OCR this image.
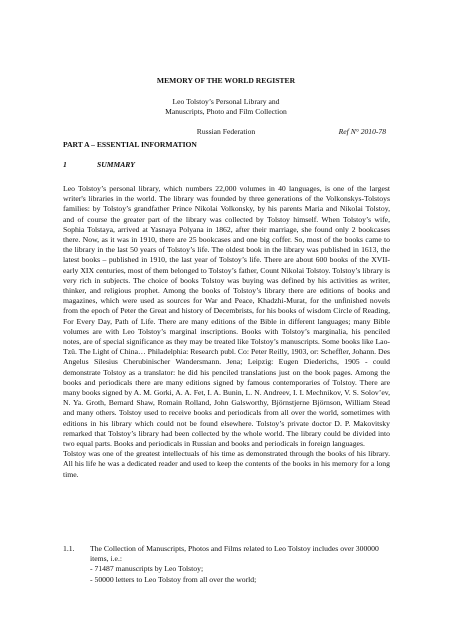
MEMORY OF THE WORLD REGISTER
Leo Tolstoy’s Personal Library and
Manuscripts, Photo and Film Collection
Russian Federation	Ref N° 2010-78
PART A – ESSENTIAL INFORMATION
1	SUMMARY

Leo Tolstoy’s personal library, which numbers 22,000 volumes in 40 languages, is one of the largest writer's libraries in the world. The library was founded by three generations of the Volkonskys-Tolstoys families: by Tolstoy’s grandfather Prince Nikolai Volkonsky, by his parents Maria and Nikolai Tolstoy, and of course the greater part of the library was collected by Tolstoy himself. When Tolstoy’s wife, Sophia Tolstaya, arrived at Yasnaya Polyana in 1862, after their marriage, she found only 2 bookcases there. Now, as it was in 1910, there are 25 bookcases and one big coffer. So, most of the books came to the library in the last 50 years of Tolstoy’s life. The oldest book in the library was published in 1613, the latest books – published in 1910, the last year of Tolstoy’s life. There are about 600 books of the XVII-early XIX centuries, most of them belonged to Tolstoy’s father, Count Nikolai Tolstoy. Tolstoy’s library is very rich in subjects. The choice of books Tolstoy was buying was defined by his activities as writer, thinker, and religious prophet. Among the books of Tolstoy’s library there are editions of books and magazines, which were used as sources for War and Peace, Khadzhi-Murat, for the unfinished novels from the epoch of Peter the Great and history of Decembrists, for his books of wisdom Circle of Reading, For Every Day, Path of Life. There are many editions of the Bible in different languages; many Bible volumes are with Leo Tolstoy’s marginal inscriptions. Books with Tolstoy’s marginalia, his penciled notes, are of special significance as they may be treated like Tolstoy’s manuscripts. Some books like Lao-Tzü. The Light of China… Philadelphia: Research publ. Co: Peter Reilly, 1903, or: Scheffler, Johann. Des Angelus Silesius Cherubinischer Wandersmann. Jena; Leipzig: Eugen Diederichs, 1905 - could demonstrate Tolstoy as a translator: he did his penciled translations just on the book pages. Among the books and periodicals there are many editions signed by famous contemporaries of Tolstoy. There are many books signed by A. M. Gorki, A. A. Fet, I. A. Bunin, L. N. Andreev, I. I. Mechnikov, V. S. Solov’ev, N. Ya. Groth, Bernard Shaw, Romain Rolland, John Galsworthy, Björnstjerne Björnson, William Stead and many others. Tolstoy used to receive books and periodicals from all over the world, sometimes with editions in his library which could not be found elsewhere. Tolstoy’s private doctor D. P. Makovitsky remarked that Tolstoy’s library had been collected by the whole world. The library could be divided into two equal parts. Books and periodicals in Russian and books and periodicals in foreign languages.

Tolstoy was one of the greatest intellectuals of his time as demonstrated through the books of his library. All his life he was a dedicated reader and used to keep the contents of the books in his memory for a long time.

1.1. The Collection of Manuscripts, Photos and Films related to Leo Tolstoy includes over 300000 items, i.e.:
- 71487 manuscripts by Leo Tolstoy;
- 50000 letters to Leo Tolstoy from all over the world;
